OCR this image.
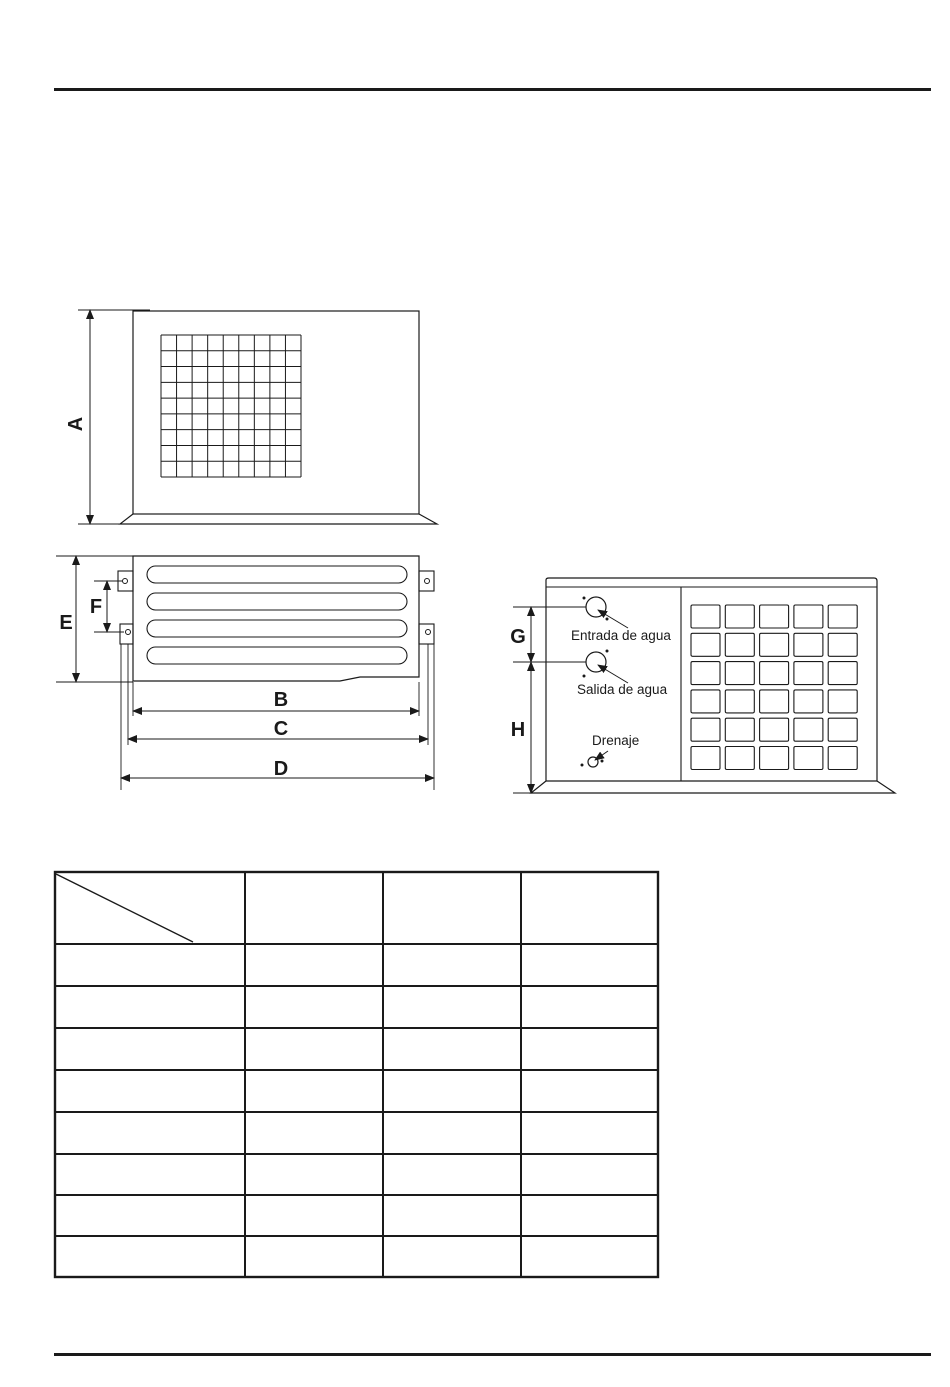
A
E
F
B
C
D
Entrada de agua
Salida de agua
Drenaje
G
H
